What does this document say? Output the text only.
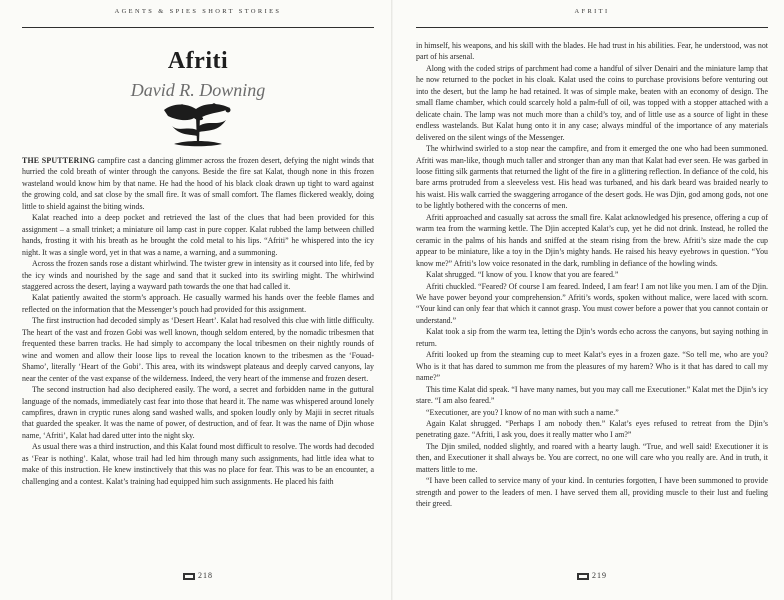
AGENTS & SPIES SHORT STORIES
Afriti
David R. Downing

THE SPUTTERING campfire cast a dancing glimmer across the frozen desert, defying the night winds that hurried the cold breath of winter through the canyons. Beside the fire sat Kalat, though none in this frozen wasteland would know him by that name. He had the hood of his black cloak drawn up tight to ward against the growing cold, and sat close by the small fire. It was of small comfort. The flames flickered weakly, doing little to shield against the biting winds.

Kalat reached into a deep pocket and retrieved the last of the clues that had been provided for this assignment – a small trinket; a miniature oil lamp cast in pure copper. Kalat rubbed the lamp between chilled hands, frosting it with his breath as he brought the cold metal to his lips. “Afriti” he whispered into the icy night. It was a single word, yet in that was a name, a warning, and a summoning.

Across the frozen sands rose a distant whirlwind. The twister grew in intensity as it coursed into life, fed by the icy winds and nourished by the sage and sand that it sucked into its swirling might. The whirlwind staggered across the desert, laying a wayward path towards the one that had called it.

Kalat patiently awaited the storm’s approach. He casually warmed his hands over the feeble flames and reflected on the information that the Messenger’s pouch had provided for this assignment.

The first instruction had decoded simply as ‘Desert Heart’. Kalat had resolved this clue with little difficulty. The heart of the vast and frozen Gobi was well known, though seldom entered, by the nomadic tribesmen that frequented these barren tracks. He had simply to accompany the local tribesmen on their nightly rounds of wine and women and allow their loose lips to reveal the location known to the tribesmen as the ‘Fouad-Shamo’, literally ‘Heart of the Gobi’. This area, with its windswept plateaus and deeply carved canyons, lay near the center of the vast expanse of the wilderness. Indeed, the very heart of the immense and frozen desert.

The second instruction had also deciphered easily. The word, a secret and forbidden name in the guttural language of the nomads, immediately cast fear into those that heard it. The name was whispered around lonely campfires, drawn in cryptic runes along sand washed walls, and spoken loudly only by Majii in secret rituals that guarded the speaker. It was the name of power, of destruction, and of fear. It was the name of Djin whose name, ‘Afriti’, Kalat had dared utter into the night sky.

As usual there was a third instruction, and this Kalat found most difficult to resolve. The words had decoded as ‘Fear is nothing’. Kalat, whose trail had led him through many such assignments, had little idea what to make of this instruction. He knew instinctively that this was no place for fear. This was to be an encounter, a challenging and a contest. Kalat’s training had equipped him such assignments. He placed his faith

218
AFRITI

in himself, his weapons, and his skill with the blades. He had trust in his abilities. Fear, he understood, was not part of his arsenal.

Along with the coded strips of parchment had come a handful of silver Denairi and the miniature lamp that he now returned to the pocket in his cloak. Kalat used the coins to purchase provisions before venturing out into the desert, but the lamp he had retained. It was of simple make, beaten with an economy of design. The small flame chamber, which could scarcely hold a palm-full of oil, was topped with a stopper attached with a delicate chain. The lamp was not much more than a child’s toy, and of little use as a source of light in these endless wastelands. But Kalat hung onto it in any case; always mindful of the importance of any materials delivered on the silent wings of the Messenger.

The whirlwind swirled to a stop near the campfire, and from it emerged the one who had been summoned. Afriti was man-like, though much taller and stronger than any man that Kalat had ever seen. He was garbed in loose fitting silk garments that returned the light of the fire in a glittering reflection. In defiance of the cold, his bare arms protruded from a sleeveless vest. His head was turbaned, and his dark beard was braided nearly to his waist. His walk carried the swaggering arrogance of the desert gods. He was Djin, god among gods, not one to be lightly bothered with the concerns of men.

Afriti approached and casually sat across the small fire. Kalat acknowledged his presence, offering a cup of warm tea from the warming kettle. The Djin accepted Kalat’s cup, yet he did not drink. Instead, he rolled the ceramic in the palms of his hands and sniffed at the steam rising from the brew. Afriti’s size made the cup appear to be miniature, like a toy in the Djin’s mighty hands. He raised his heavy eyebrows in question. “You know me?” Afriti’s low voice resonated in the dark, rumbling in defiance of the howling winds.

Kalat shrugged. “I know of you. I know that you are feared.”

Afriti chuckled. “Feared? Of course I am feared. Indeed, I am fear! I am not like you men. I am of the Djin. We have power beyond your comprehension.” Afriti’s words, spoken without malice, were laced with scorn. “Your kind can only fear that which it cannot grasp. You must cower before a power that you cannot contain or understand.”

Kalat took a sip from the warm tea, letting the Djin’s words echo across the canyons, but saying nothing in return.

Afriti looked up from the steaming cup to meet Kalat’s eyes in a frozen gaze. “So tell me, who are you? Who is it that has dared to summon me from the pleasures of my harem? Who is it that has dared to call my name?”

This time Kalat did speak. “I have many names, but you may call me Executioner.” Kalat met the Djin’s icy stare. “I am also feared.”

“Executioner, are you? I know of no man with such a name.”

Again Kalat shrugged. “Perhaps I am nobody then.” Kalat’s eyes refused to retreat from the Djin’s penetrating gaze. “Afriti, I ask you, does it really matter who I am?”

The Djin smiled, nodded slightly, and roared with a hearty laugh. “True, and well said! Executioner it is then, and Executioner it shall always be. You are correct, no one will care who you really are. And in truth, it matters little to me.

“I have been called to service many of your kind. In centuries forgotten, I have been summoned to provide strength and power to the leaders of men. I have served them all, providing muscle to their lust and fueling their greed.

219
